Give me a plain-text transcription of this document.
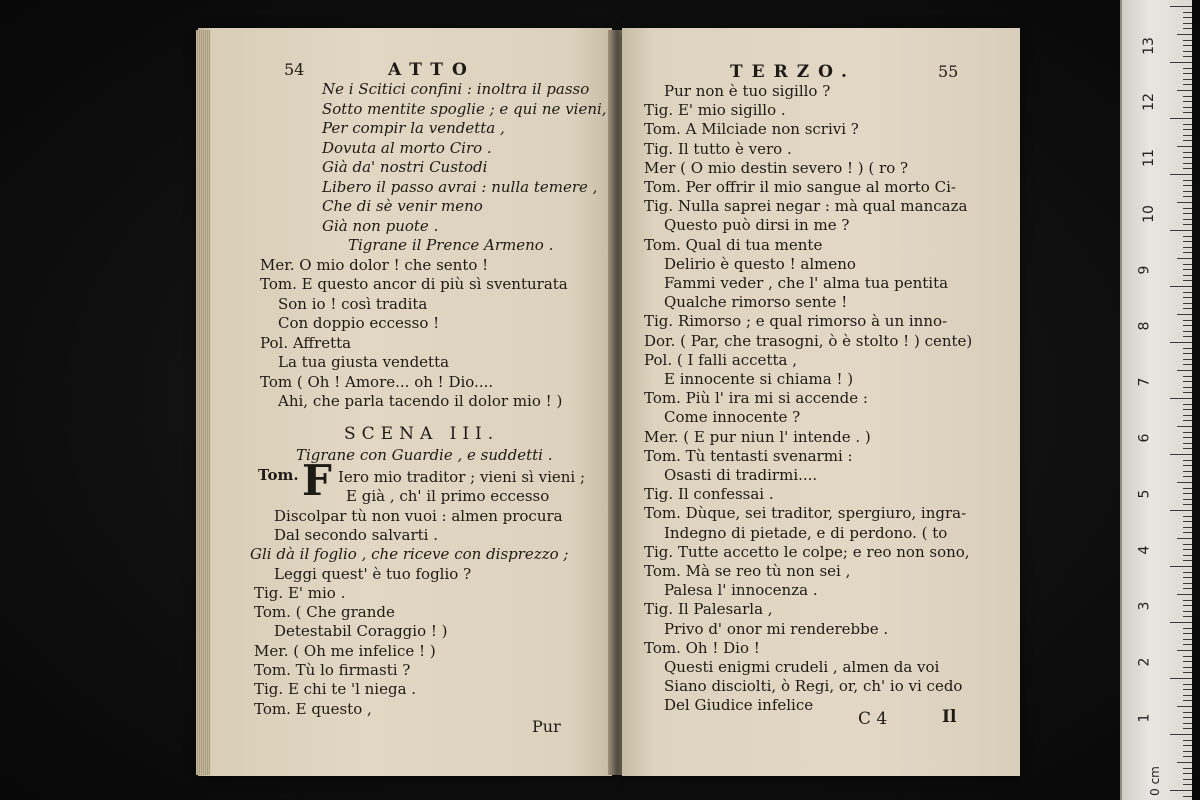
54	ATTO
Ne i Scitici confini : inoltra il passo
Sotto mentite spoglie ; e qui ne vieni,
Per compir la vendetta ,
Dovuta al morto Ciro .
Già da' nostri Custodi
Libero il passo avrai : nulla temere ,
Che di sè venir meno
Già non puote .
Tigrane il Prence Armeno .
Mer. O mio dolor ! che sento !
Tom. E questo ancor di più sì sventurata
Son io ! così tradita
Con doppio eccesso !
Pol. Affretta
La tua giusta vendetta
Tom ( Oh ! Amore... oh ! Dio....
Ahi, che parla tacendo il dolor mio ! )
SCENA III.
Tigrane con Guardie , e suddetti .
Tom. F Iero mio traditor ; vieni sì vieni ;
E già , ch' il primo eccesso
Discolpar tù non vuoi : almen procura
Dal secondo salvarti .
Gli dà il foglio , che riceve con disprezzo ;
Leggi quest' è tuo foglio ?
Tig. E' mio .
Tom. ( Che grande
Detestabil Coraggio ! )
Mer. ( Oh me infelice ! )
Tom. Tù lo firmasti ?
Tig. E chi te 'l niega .
Tom. E questo ,
Pur
TERZO.	55
Pur non è tuo sigillo ?
Tig. E' mio sigillo .
Tom. A Milciade non scrivi ?
Tig. Il tutto è vero .
Mer ( O mio destin severo ! ) ( ro ?
Tom. Per offrir il mio sangue al morto Ci-
Tig. Nulla saprei negar : mà qual mancaza
Questo può dirsi in me ?
Tom. Qual di tua mente
Delirio è questo ! almeno
Fammi veder , che l' alma tua pentita
Qualche rimorso sente !
Tig. Rimorso ; e qual rimorso à un inno-
Dor. ( Par, che trasogni, ò è stolto ! ) cente)
Pol. ( I falli accetta ,
E innocente si chiama ! )
Tom. Più l' ira mi si accende :
Come innocente ?
Mer. ( E pur niun l' intende . )
Tom. Tù tentasti svenarmi :
Osasti di tradirmi....
Tig. Il confessai .
Tom. Dùque, sei traditor, spergiuro, ingra-
Indegno di pietade, e di perdono. ( to
Tig. Tutte accetto le colpe; e reo non sono,
Tom. Mà se reo tù non sei ,
Palesa l' innocenza .
Tig. Il Palesarla ,
Privo d' onor mi renderebbe .
Tom. Oh ! Dio !
Questi enigmi crudeli , almen da voi
Siano disciolti, ò Regi, or, ch' io vi cedo
Del Giudice infelice
C 4	Il
0 cm
13
12
11
10
9
8
7
6
5
4
3
2
1
